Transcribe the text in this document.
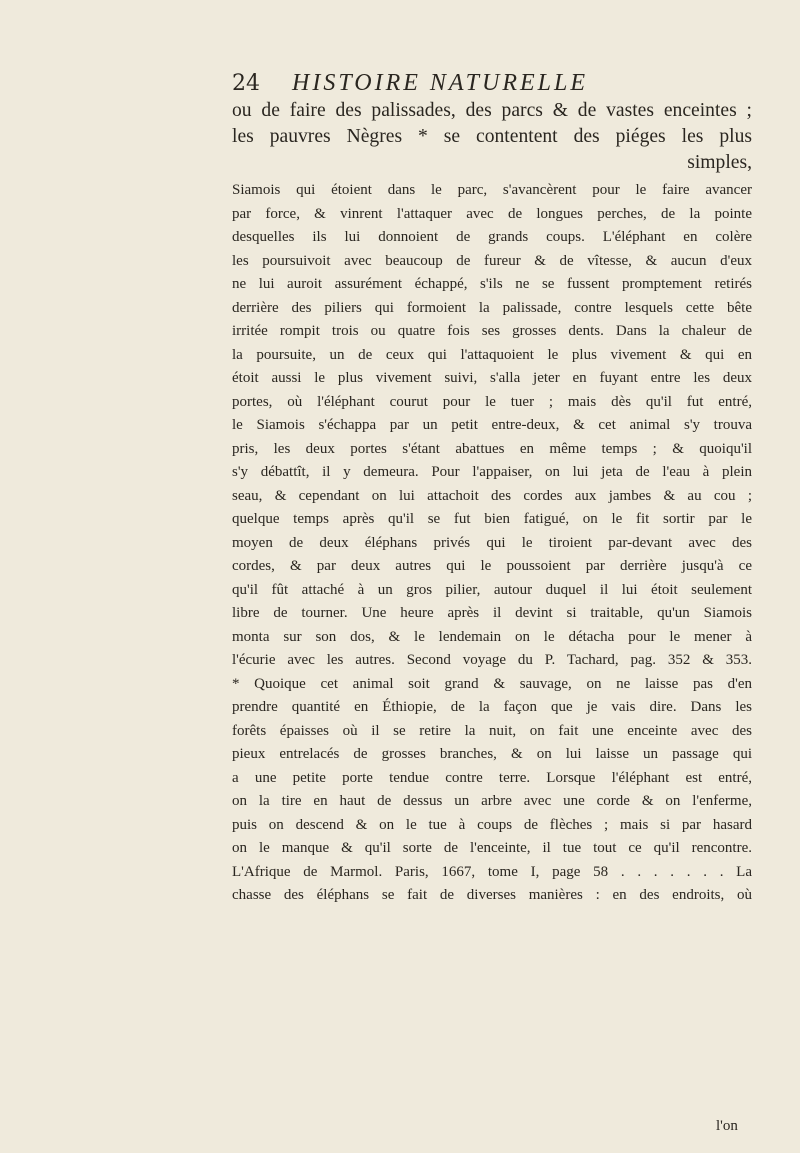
24	HISTOIRE NATURELLE
ou de faire des palissades, des parcs & de vastes enceintes ;
les pauvres Nègres * se contentent des piéges les plus
simples,
Siamois qui étoient dans le parc, s'avancèrent pour le faire avancer
par force, & vinrent l'attaquer avec de longues perches, de la pointe
desquelles ils lui donnoient de grands coups. L'éléphant en colère
les poursuivoit avec beaucoup de fureur & de vîtesse, & aucun d'eux
ne lui auroit assurément échappé, s'ils ne se fussent promptement retirés
derrière des piliers qui formoient la palissade, contre lesquels cette bête
irritée rompit trois ou quatre fois ses grosses dents. Dans la chaleur de
la poursuite, un de ceux qui l'attaquoient le plus vivement & qui en
étoit aussi le plus vivement suivi, s'alla jeter en fuyant entre les deux
portes, où l'éléphant courut pour le tuer ; mais dès qu'il fut entré,
le Siamois s'échappa par un petit entre-deux, & cet animal s'y trouva
pris, les deux portes s'étant abattues en même temps ; & quoiqu'il
s'y débattît, il y demeura. Pour l'appaiser, on lui jeta de l'eau à plein
seau, & cependant on lui attachoit des cordes aux jambes & au cou ;
quelque temps après qu'il se fut bien fatigué, on le fit sortir par le
moyen de deux éléphans privés qui le tiroient par-devant avec des
cordes, & par deux autres qui le poussoient par derrière jusqu'à ce
qu'il fût attaché à un gros pilier, autour duquel il lui étoit seulement
libre de tourner. Une heure après il devint si traitable, qu'un Siamois
monta sur son dos, & le lendemain on le détacha pour le mener à
l'écurie avec les autres. Second voyage du P. Tachard, pag. 352 & 353.
* Quoique cet animal soit grand & sauvage, on ne laisse pas d'en
prendre quantité en Éthiopie, de la façon que je vais dire. Dans les
forêts épaisses où il se retire la nuit, on fait une enceinte avec des
pieux entrelacés de grosses branches, & on lui laisse un passage qui
a une petite porte tendue contre terre. Lorsque l'éléphant est entré,
on la tire en haut de dessus un arbre avec une corde & on l'enferme,
puis on descend & on le tue à coups de flèches ; mais si par hasard
on le manque & qu'il sorte de l'enceinte, il tue tout ce qu'il rencontre.
L'Afrique de Marmol. Paris, 1667, tome I, page 58 . . . . . . . La
chasse des éléphans se fait de diverses manières : en des endroits, où
l'on
